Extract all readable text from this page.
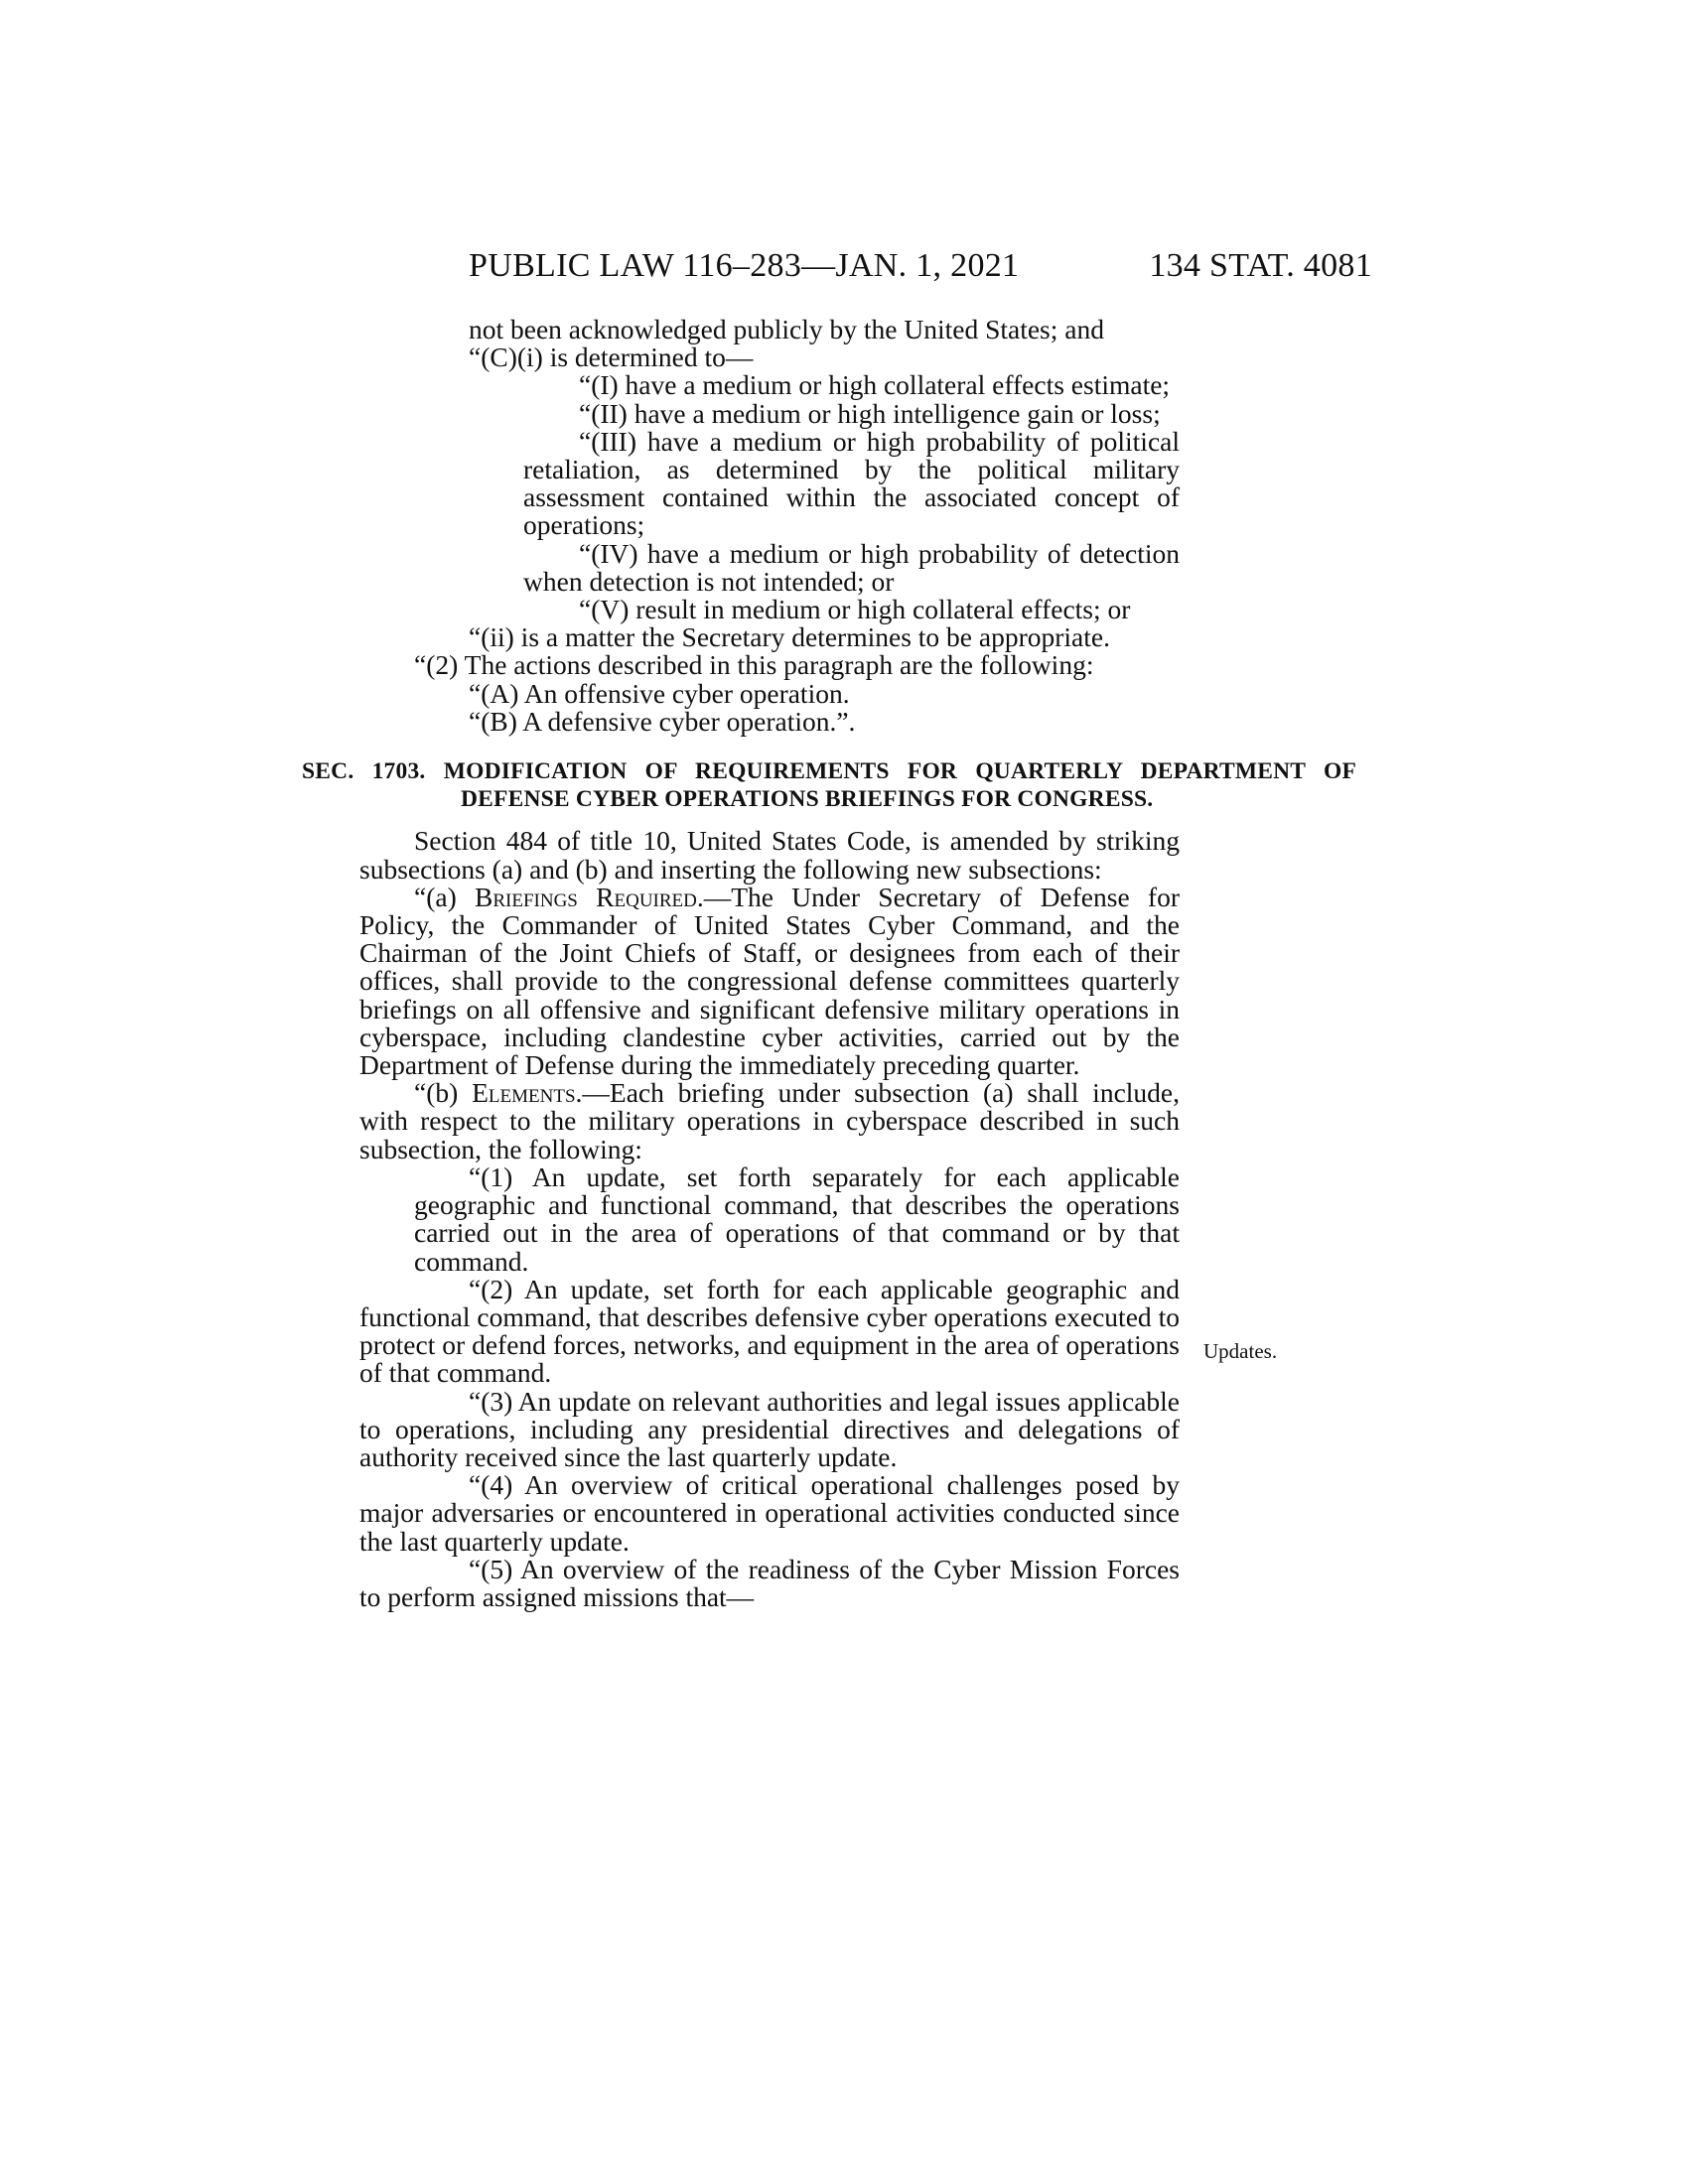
PUBLIC LAW 116–283—JAN. 1, 2021	134 STAT. 4081
Updates.

not been acknowledged publicly by the United States; and

“(C)(i) is determined to—

“(I) have a medium or high collateral effects estimate;

“(II) have a medium or high intelligence gain or loss;

“(III) have a medium or high probability of political retaliation, as determined by the political military assessment contained within the associated concept of operations;

“(IV) have a medium or high probability of detection when detection is not intended; or

“(V) result in medium or high collateral effects; or

“(ii) is a matter the Secretary determines to be appropriate.

“(2) The actions described in this paragraph are the following:

“(A) An offensive cyber operation.

“(B) A defensive cyber operation.”.

SEC. 1703. MODIFICATION OF REQUIREMENTS FOR QUARTERLY DEPARTMENT OF DEFENSE CYBER OPERATIONS BRIEFINGS FOR CONGRESS.

Section 484 of title 10, United States Code, is amended by striking subsections (a) and (b) and inserting the following new subsections:

“(a) Briefings Required.—The Under Secretary of Defense for Policy, the Commander of United States Cyber Command, and the Chairman of the Joint Chiefs of Staff, or designees from each of their offices, shall provide to the congressional defense committees quarterly briefings on all offensive and significant defensive military operations in cyberspace, including clandestine cyber activities, carried out by the Department of Defense during the immediately preceding quarter.

“(b) Elements.—Each briefing under subsection (a) shall include, with respect to the military operations in cyberspace described in such subsection, the following:

“(1) An update, set forth separately for each applicable geographic and functional command, that describes the operations carried out in the area of operations of that command or by that command.

“(2) An update, set forth for each applicable geographic and functional command, that describes defensive cyber operations executed to protect or defend forces, networks, and equipment in the area of operations of that command.

“(3) An update on relevant authorities and legal issues applicable to operations, including any presidential directives and delegations of authority received since the last quarterly update.

“(4) An overview of critical operational challenges posed by major adversaries or encountered in operational activities conducted since the last quarterly update.

“(5) An overview of the readiness of the Cyber Mission Forces to perform assigned missions that—
